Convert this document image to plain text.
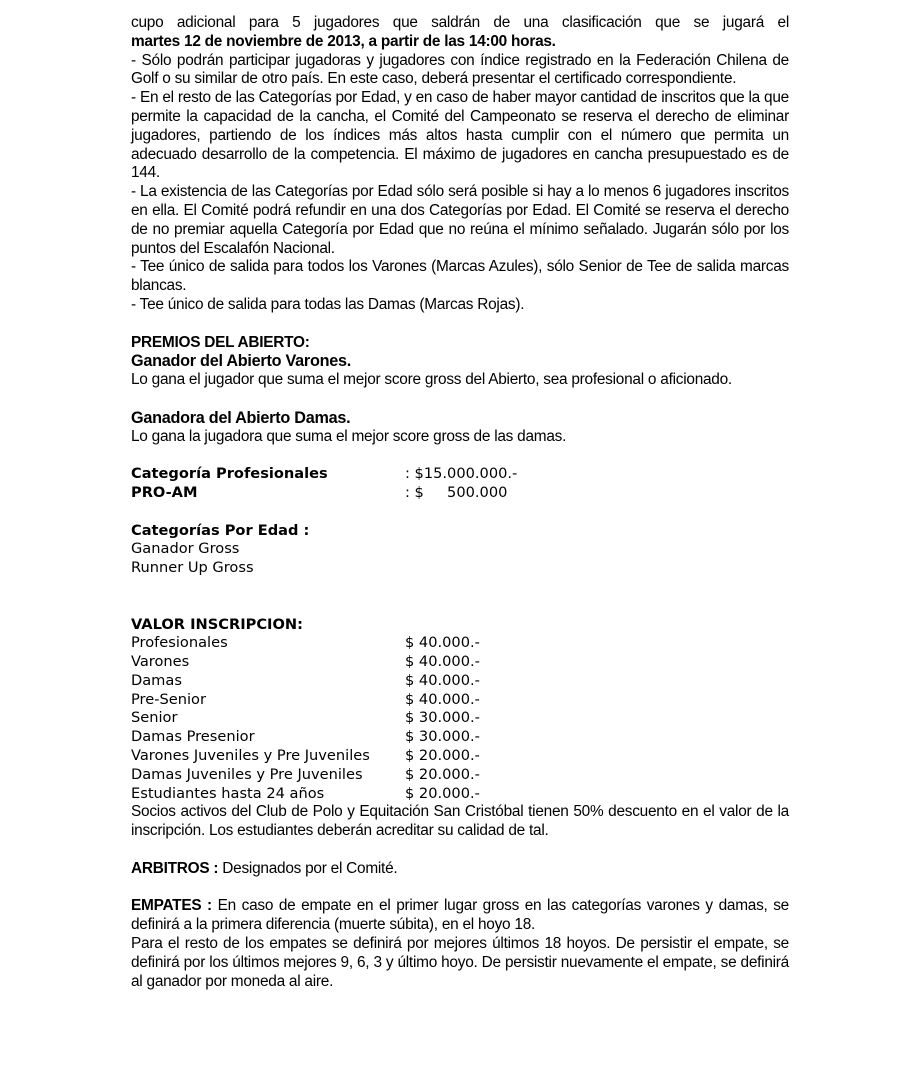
cupo adicional para 5 jugadores que saldrán de una clasificación que se jugará el

martes 12 de noviembre de 2013, a partir de las 14:00 horas.

- Sólo podrán participar jugadoras y jugadores con índice registrado en la Federación Chilena de Golf o su similar de otro país. En este caso, deberá presentar el certificado correspondiente.

- En el resto de las Categorías por Edad, y en caso de haber mayor cantidad de inscritos que la que permite la capacidad de la cancha, el Comité del Campeonato se reserva el derecho de eliminar jugadores, partiendo de los índices más altos hasta cumplir con el número que permita un adecuado desarrollo de la competencia. El máximo de jugadores en cancha presupuestado es de 144.

- La existencia de las Categorías por Edad sólo será posible si hay a lo menos 6 jugadores inscritos en ella. El Comité podrá refundir en una dos Categorías por Edad. El Comité se reserva el derecho de no premiar aquella Categoría por Edad que no reúna el mínimo señalado. Jugarán sólo por los puntos del Escalafón Nacional.

- Tee único de salida para todos los Varones (Marcas Azules), sólo Senior de Tee de salida marcas blancas.

- Tee único de salida para todas las Damas (Marcas Rojas).

PREMIOS DEL ABIERTO:

Ganador del Abierto Varones.

Lo gana el jugador que suma el mejor score gross del Abierto, sea profesional o aficionado.

Ganadora del Abierto Damas.

Lo gana la jugadora que suma el mejor score gross de las damas.

Categoría Profesionales	: $15.000.000.-
PRO-AM	: $     500.000

Categorías Por Edad :

Ganador Gross

Runner Up Gross

VALOR INSCRIPCION:

Profesionales	$ 40.000.-
Varones	$ 40.000.-
Damas	$ 40.000.-
Pre-Senior	$ 40.000.-
Senior	$ 30.000.-
Damas Presenior	$ 30.000.-
Varones Juveniles y Pre Juveniles	$ 20.000.-
Damas Juveniles y Pre Juveniles	$ 20.000.-
Estudiantes hasta 24 años	$ 20.000.-

Socios activos del Club de Polo y Equitación San Cristóbal tienen 50% descuento en el valor de la inscripción. Los estudiantes deberán acreditar su calidad de tal.

ARBITROS : Designados por el Comité.

EMPATES : En caso de empate en el primer lugar gross en las categorías varones y damas, se definirá a la primera diferencia (muerte súbita), en el hoyo 18.

Para el resto de los empates se definirá por mejores últimos 18 hoyos. De persistir el empate, se definirá por los últimos mejores 9, 6, 3 y último hoyo. De persistir nuevamente el empate, se definirá al ganador por moneda al aire.
